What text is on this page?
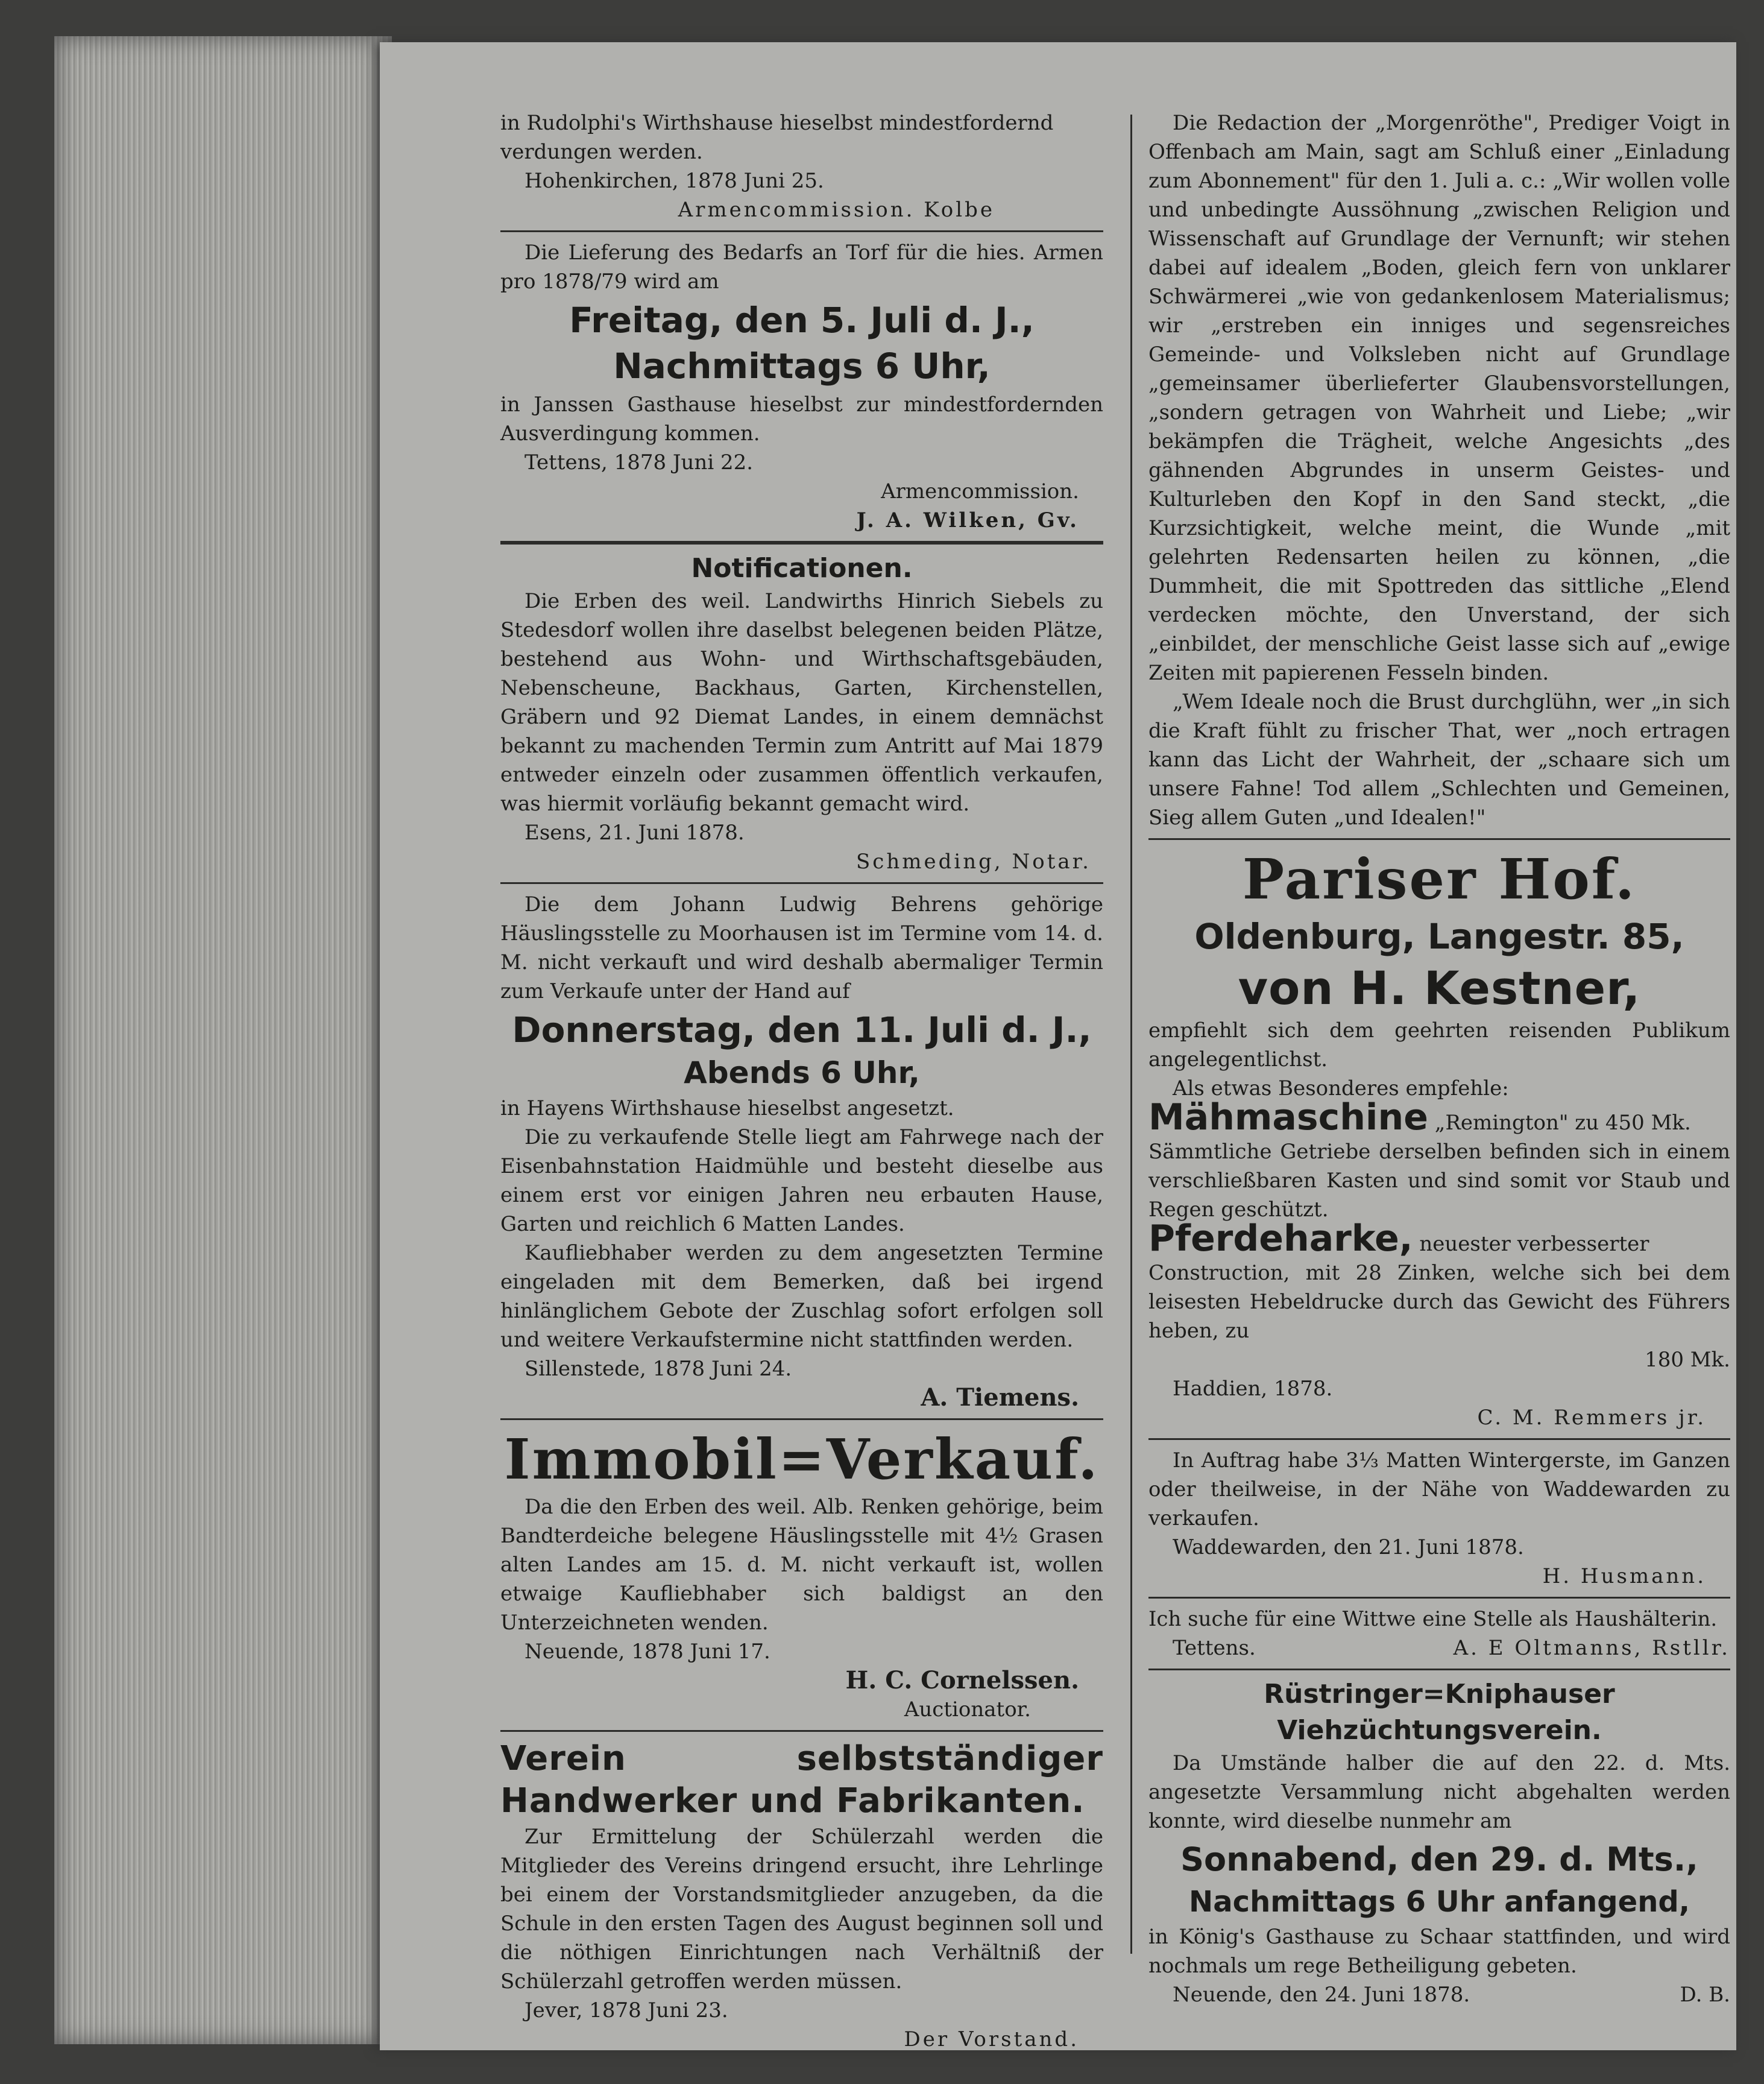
in Rudolphi's Wirthshause hieselbst mindestfordernd

verdungen werden.

Hohenkirchen, 1878 Juni 25.

Armencommission. Kolbe

Die Lieferung des Bedarfs an Torf für die hies. Armen pro 1878/79 wird am

Freitag, den 5. Juli d. J.,
Nachmittags 6 Uhr,

in Janssen Gasthause hieselbst zur mindestfordernden Ausverdingung kommen.

Tettens, 1878 Juni 22.

Armencommission.

J. A. Wilken, Gv.

Notificationen.

Die Erben des weil. Landwirths Hinrich Siebels zu Stedesdorf wollen ihre daselbst belegenen beiden Plätze, bestehend aus Wohn- und Wirthschaftsgebäuden, Nebenscheune, Backhaus, Garten, Kirchenstellen, Gräbern und 92 Diemat Landes, in einem demnächst bekannt zu machenden Termin zum Antritt auf Mai 1879 entweder einzeln oder zusammen öffentlich verkaufen, was hiermit vorläufig bekannt gemacht wird.

Esens, 21. Juni 1878.

Schmeding, Notar.

Die dem Johann Ludwig Behrens gehörige Häuslingsstelle zu Moorhausen ist im Termine vom 14. d. M. nicht verkauft und wird deshalb abermaliger Termin zum Verkaufe unter der Hand auf

Donnerstag, den 11. Juli d. J.,
Abends 6 Uhr,

in Hayens Wirthshause hieselbst angesetzt.

Die zu verkaufende Stelle liegt am Fahrwege nach der Eisenbahnstation Haidmühle und besteht dieselbe aus einem erst vor einigen Jahren neu erbauten Hause, Garten und reichlich 6 Matten Landes.

Kaufliebhaber werden zu dem angesetzten Termine eingeladen mit dem Bemerken, daß bei irgend hinlänglichem Gebote der Zuschlag sofort erfolgen soll und weitere Verkaufstermine nicht stattfinden werden.

Sillenstede, 1878 Juni 24.

A. Tiemens.

Immobil=Verkauf.

Da die den Erben des weil. Alb. Renken gehörige, beim Bandterdeiche belegene Häuslingsstelle mit 4½ Grasen alten Landes am 15. d. M. nicht verkauft ist, wollen etwaige Kaufliebhaber sich baldigst an den Unterzeichneten wenden.

Neuende, 1878 Juni 17.

H. C. Cornelssen.

Auctionator.

Verein selbstständiger Handwerker und Fabrikanten.

Zur Ermittelung der Schülerzahl werden die Mitglieder des Vereins dringend ersucht, ihre Lehrlinge bei einem der Vorstandsmitglieder anzugeben, da die Schule in den ersten Tagen des August beginnen soll und die nöthigen Einrichtungen nach Verhältniß der Schülerzahl getroffen werden müssen.

Jever, 1878 Juni 23.

Der Vorstand.

Die Redaction der „Morgenröthe", Prediger Voigt in Offenbach am Main, sagt am Schluß einer „Einladung zum Abonnement" für den 1. Juli a. c.: „Wir wollen volle und unbedingte Aussöhnung „zwischen Religion und Wissenschaft auf Grundlage der Vernunft; wir stehen dabei auf idealem „Boden, gleich fern von unklarer Schwärmerei „wie von gedankenlosem Materialismus; wir „erstreben ein inniges und segensreiches Gemeinde- und Volksleben nicht auf Grundlage „gemeinsamer überlieferter Glaubensvorstellungen, „sondern getragen von Wahrheit und Liebe; „wir bekämpfen die Trägheit, welche Angesichts „des gähnenden Abgrundes in unserm Geistes- und Kulturleben den Kopf in den Sand steckt, „die Kurzsichtigkeit, welche meint, die Wunde „mit gelehrten Redensarten heilen zu können, „die Dummheit, die mit Spottreden das sittliche „Elend verdecken möchte, den Unverstand, der sich „einbildet, der menschliche Geist lasse sich auf „ewige Zeiten mit papierenen Fesseln binden.

„Wem Ideale noch die Brust durchglühn, wer „in sich die Kraft fühlt zu frischer That, wer „noch ertragen kann das Licht der Wahrheit, der „schaare sich um unsere Fahne! Tod allem „Schlechten und Gemeinen, Sieg allem Guten „und Idealen!"

Pariser Hof.
Oldenburg, Langestr. 85,
von H. Kestner,

empfiehlt sich dem geehrten reisenden Publikum angelegentlichst.

Als etwas Besonderes empfehle:

Mähmaschine „Remington" zu 450 Mk.

Sämmtliche Getriebe derselben befinden sich in einem verschließbaren Kasten und sind somit vor Staub und Regen geschützt.

Pferdeharke, neuester verbesserter

Construction, mit 28 Zinken, welche sich bei dem leisesten Hebeldrucke durch das Gewicht des Führers heben, zu

180 Mk.

Haddien, 1878.

C. M. Remmers jr.

In Auftrag habe 3⅓ Matten Wintergerste, im Ganzen oder theilweise, in der Nähe von Waddewarden zu verkaufen.

Waddewarden, den 21. Juni 1878.

H. Husmann.

Ich suche für eine Wittwe eine Stelle als Haushälterin.

Tettens.	A. E Oltmanns, Rstllr.

Rüstringer=Kniphauser Viehzüchtungsverein.

Da Umstände halber die auf den 22. d. Mts. angesetzte Versammlung nicht abgehalten werden konnte, wird dieselbe nunmehr am

Sonnabend, den 29. d. Mts.,
Nachmittags 6 Uhr anfangend,

in König's Gasthause zu Schaar stattfinden, und wird nochmals um rege Betheiligung gebeten.

Neuende, den 24. Juni 1878.	D. B.
